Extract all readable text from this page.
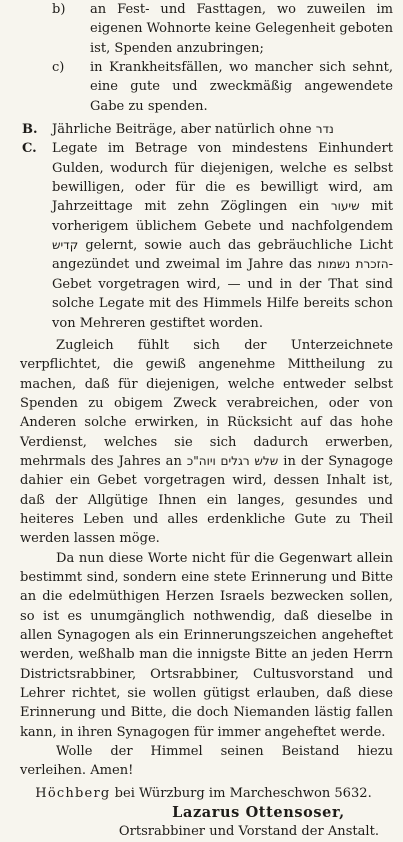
b)	an Fest- und Fasttagen, wo zuweilen im eigenen Wohnorte keine Gelegenheit geboten ist, Spenden anzubringen;
c)	in Krankheitsfällen, wo mancher sich sehnt, eine gute und zweckmäßig angewendete Gabe zu spenden.
B.	Jährliche Beiträge, aber natürlich ohne נדר
C.	Legate im Betrage von mindestens Einhundert Gulden, wodurch für diejenigen, welche es selbst bewilligen, oder für die es bewilligt wird, am Jahrzeittage mit zehn Zöglingen ein שיעור mit vorherigem üblichem Gebete und nachfolgendem קדיש gelernt, sowie auch das gebräuchliche Licht angezündet und zweimal im Jahre das הזכרת נשמות-Gebet vorgetragen wird, — und in der That sind solche Legate mit des Himmels Hilfe bereits schon von Mehreren gestiftet worden.
Zugleich fühlt sich der Unterzeichnete verpflichtet, die gewiß angenehme Mittheilung zu machen, daß für diejenigen, welche entweder selbst Spenden zu obigem Zweck verabreichen, oder von Anderen solche erwirken, in Rücksicht auf das hohe Verdienst, welches sie sich dadurch erwerben, mehrmals des Jahres an שלש רגלים ויוה"כ in der Synagoge dahier ein Gebet vorgetragen wird, dessen Inhalt ist, daß der Allgütige Ihnen ein langes, gesundes und heiteres Leben und alles erdenkliche Gute zu Theil werden lassen möge.
Da nun diese Worte nicht für die Gegenwart allein bestimmt sind, sondern eine stete Erinnerung und Bitte an die edelmüthigen Herzen Israels bezwecken sollen, so ist es unumgänglich nothwendig, daß dieselbe in allen Synagogen als ein Erinnerungszeichen angeheftet werden, weßhalb man die innigste Bitte an jeden Herrn Districtsrabbiner, Ortsrabbiner, Cultusvorstand und Lehrer richtet, sie wollen gütigst erlauben, daß diese Erinnerung und Bitte, die doch Niemanden lästig fallen kann, in ihren Synagogen für immer angeheftet werde.
Wolle der Himmel seinen Beistand hiezu verleihen. Amen!
Höchberg bei Würzburg im Marcheschwon 5632.
Lazarus Ottensoser,
Ortsrabbiner und Vorstand der Anstalt.
